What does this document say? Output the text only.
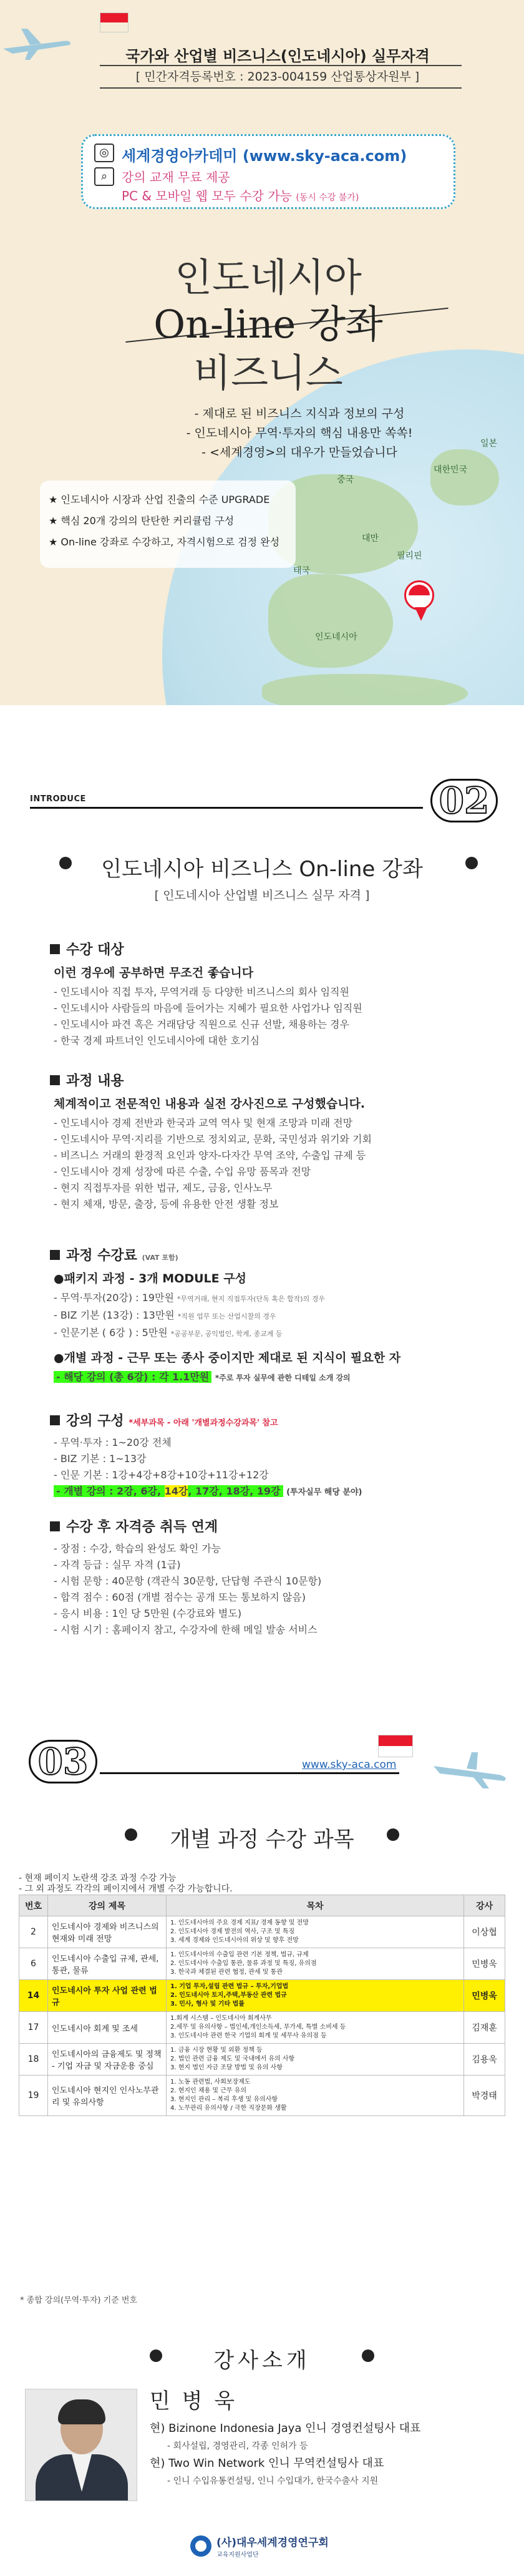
국가와 산업별 비즈니스(인도네시아) 실무자격
[ 민간자격등록번호 : 2023-004159 산업통상자원부 ]
◎
⌕
세계경영아카데미 (www.sky-aca.com)
강의 교재 무료 제공
PC & 모바일 웹 모두 수강 가능 (동시 수강 불가)
인도네시아
On-line 강좌
비즈니스
- 제대로 된 비즈니스 지식과 정보의 구성
- 인도네시아 무역·투자의 핵심 내용만 쏙쏙!
- <세계경영>의 대우가 만들었습니다
★ 인도네시아 시장과 산업 진출의 수준 UPGRADE
★ 핵심 20개 강의의 탄탄한 커리큘럼 구성
★ On-line 강좌로 수강하고, 자격시험으로 검정 완성
중국
대한민국
일본
대만
필리핀
태국
인도네시아
INTRODUCE	02
인도네시아 비즈니스 On-line 강좌
[ 인도네시아 산업별 비즈니스 실무 자격 ]
수강 대상
이런 경우에 공부하면 무조건 좋습니다
- 인도네시아 직접 투자, 무역거래 등 다양한 비즈니스의 회사 임직원
- 인도네시아 사람들의 마음에 들어가는 지혜가 필요한 사업가나 임직원
- 인도네시아 파견 혹은 거래담당 직원으로 신규 선발, 채용하는 경우
- 한국 경제 파트너인 인도네시아에 대한 호기심
과정 내용
체계적이고 전문적인 내용과 실전 강사진으로 구성했습니다.
- 인도네시아 경제 전반과 한국과 교역 역사 및 현재 조망과 미래 전망
- 인도네시아 무역·지리를 기반으로 정치외교, 문화, 국민성과 위기와 기회
- 비즈니스 거래의 환경적 요인과 양자-다자간 무역 조약, 수출입 규제 등
- 인도네시아 경제 성장에 따른 수출, 수입 유망 품목과 전망
- 현지 직접투자를 위한 법규, 제도, 금융, 인사노무
- 현지 체재, 방문, 출장, 등에 유용한 안전 생활 정보
과정 수강료 (VAT 포함)
●패키지 과정 - 3개 MODULE 구성
- 무역·투자(20강) : 19만원 *무역거래, 현지 직접투자(단독 혹은 합작)의 경우
- BIZ 기본 (13강) : 13만원 *직원 업무 또는 산업시찰의 경우
- 인문기본 ( 6강 ) : 5만원 *공공부문, 공익법인, 학계, 종교계 등
●개별 과정 - 근무 또는 종사 중이지만 제대로 된 지식이 필요한 자
- 해당 강의 (총 6강) : 각 1.1만원 *주로 투자 실무에 관한 디테일 소개 강의
강의 구성 *세부과목 - 아래 '개별과정수강과목' 참고
- 무역·투자 : 1~20강 전체
- BIZ 기본 : 1~13강
- 인문 기본 : 1강+4강+8강+10강+11강+12강
- 개별 강의 : 2강, 6강, 14강, 17강, 18강, 19강 (투자실무 해당 분야)
수강 후 자격증 취득 연계
- 장점 : 수강, 학습의 완성도 확인 가능
- 자격 등급 : 실무 자격 (1급)
- 시험 문항 : 40문항 (객관식 30문항, 단답형 주관식 10문항)
- 합격 점수 : 60점 (개별 점수는 공개 또는 통보하지 않음)
- 응시 비용 : 1인 당 5만원 (수강료와 별도)
- 시험 시기 : 홈페이지 참고, 수강자에 한해 메일 발송 서비스
03	www.sky-aca.com
개별 과정 수강 과목
- 현재 페이지 노란색 강조 과정 수강 가능
- 그 외 과정도 각각의 페이지에서 개별 수강 가능합니다.
번호	강의 제목	목차	강사
2	인도네시아 경제와 비즈니스의 현재와 미래 전망	1. 인도네시아의 주요 경제 지표/ 경제 동향 및 전망
2. 인도네시아 경제 발전의 역사, 구조 및 특징
3. 세계 경제와 인도네시아의 위상 및 향후 전망	이상협
6	인도네시아 수출입 규제, 관세, 통관, 물류	1. 인도네시아의 수출입 관련 기본 정책, 법규, 규제
2. 인도네시아 수출입 통관, 물류 과정 및 특징, 유의점
3. 한국과 체결된 관련 협정, 관세 및 통관	민병욱
14	인도네시아 투자 사업 관련 법규	1. 기업 투자,설립 관련 법규 – 투자,기업법
2. 인도네시아 토지,주택,부동산 관련 법규
3. 민사, 형사 및 기타 법률	민병욱
17	인도네시아 회계 및 조세	1.회계 시스템 – 인도네시아 회계사무
2.세무 및 유의사항 – 법인세,개인소득세, 부가세, 특별 소비세 등
3. 인도네시아 관련 한국 기업의 회계 및 세무사 유의점 등	김재훈
18	인도네시아의 금융제도 및 정책 - 기업 자금 및 자금운용 중심	1. 금융 시장 현황 및 외환 정책 등
2. 법인 관련 금융 제도 및 국내에서 유의 사항
3. 현지 법인 자금 조달 방법 및 유의 사항	김용욱
19	인도네시아 현지인 인사노무관리 및 유의사항	1. 노동 관련법, 사회보장제도
2. 현지인 채용 및 근무 유의
3. 현지인 관리 – 복리 후생 및 유의사항
4. 노무관리 유의사항 / 극한 직장문화 생활	박경태
* 종합 강의(무역·투자) 기준 번호
강사소개
민 병 욱
현) Bizinone Indonesia Jaya 인니 경영컨설팅사 대표
- 회사설립, 경영관리, 각종 인허가 등
현) Two Win Network 인니 무역컨설팅사 대표
- 인니 수입유통컨설팅, 인니 수입대가, 한국수출사 지원
(사)대우세계경영연구회
교육지원사업단
